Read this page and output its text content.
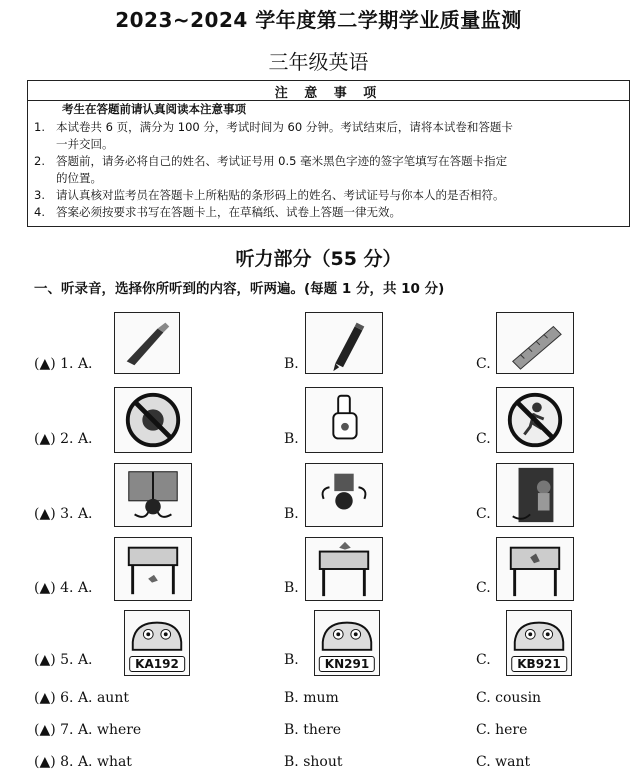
2023~2024 学年度第二学期学业质量监测
三年级英语
注 意 事 项
考生在答题前请认真阅读本注意事项
1. 本试卷共 6 页，满分为 100 分，考试时间为 60 分钟。考试结束后，请将本试卷和答题卡
一并交回。
2. 答题前，请务必将自己的姓名、考试证号用 0.5 毫米黑色字迹的签字笔填写在答题卡指定
的位置。
3. 请认真核对监考员在答题卡上所粘贴的条形码上的姓名、考试证号与你本人的是否相符。
4. 答案必须按要求书写在答题卡上，在草稿纸、试卷上答题一律无效。
听力部分（55 分）
一、听录音，选择你所听到的内容，听两遍。(每题 1 分，共 10 分)
(▲) 1. A.	B.	C.
(▲) 2. A.	B.	C.
(▲) 3. A.	B.	C.
(▲) 4. A.	B.	C.
(▲) 5. A.	KA192	B.	KN291	C.	KB921
(▲) 6. A. aunt	B. mum	C. cousin
(▲) 7. A. where	B. there	C. here
(▲) 8. A. what	B. shout	C. want
